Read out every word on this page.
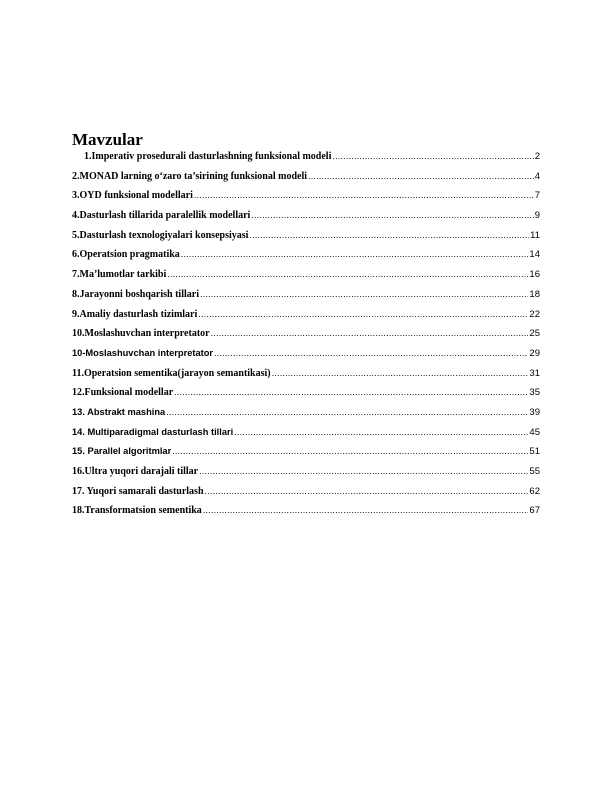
Mavzular
1.Imperativ prosedurali dasturlashning funksional modeli .....	2
2.MONAD larning o‘zaro ta’sirining funksional modeli .....	4
3.OYD funksional modellari .....	7
4.Dasturlash tillarida paralellik modellari .....	9
5.Dasturlash texnologiyalari konsepsiyasi .....	11
6.Operatsion pragmatika .....	14
7.Ma’lumotlar tarkibi .....	16
8.Jarayonni boshqarish tillari .....	18
9.Amaliy dasturlash tizimlari .....	22
10.Moslashuvchan interpretator .....	25
10-Moslashuvchan interpretator .....	29
11.Operatsion sementika(jarayon semantikasi) .....	31
12.Funksional modellar .....	35
13. Abstrakt mashina .....	39
14. Multiparadigmal dasturlash tillari .....	45
15. Parallel algoritmlar .....	51
16.Ultra yuqori darajali tillar .....	55
17. Yuqori samarali dasturlash .....	62
18.Transformatsion sementika .....	67
